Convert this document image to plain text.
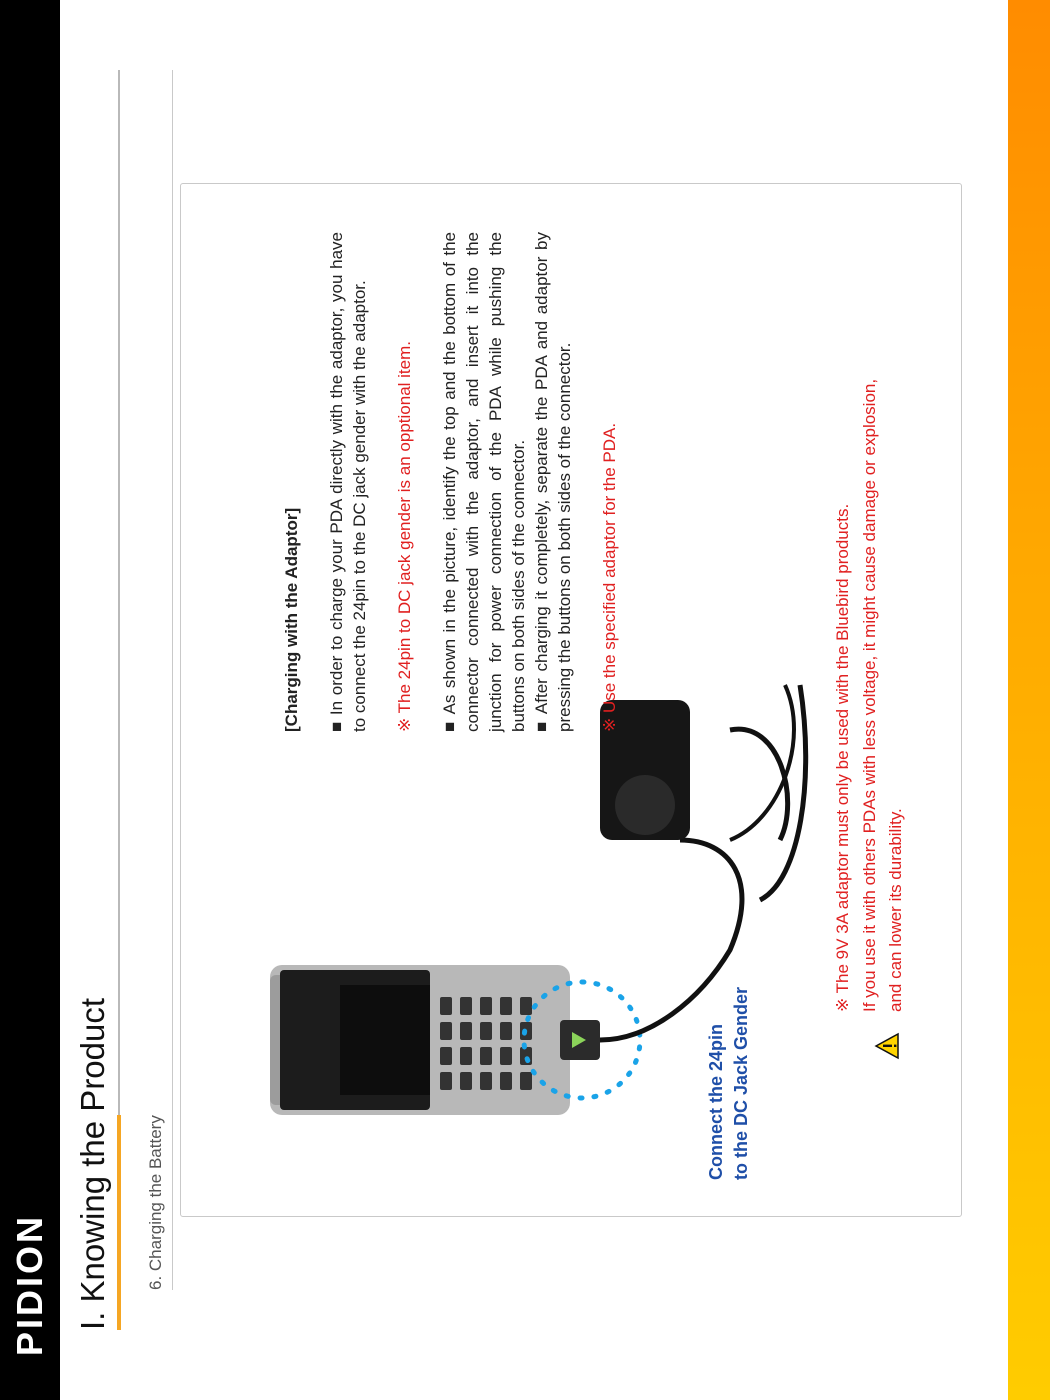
PIDION I. Knowing the Product 6. Charging the Battery
Connect the 24pin to the DC Jack Gender

[Charging with the Adaptor] ■ In order to charge your PDA directly with the adaptor, you have to connect the 24pin to the DC jack gender with the adaptor. ※ The 24pin to DC jack gender is an opptional item. ■ As shown in the picture, identify the top and the bottom of the connector connected with the adaptor, and insert it into the junction for power connection of the PDA while pushing the buttons on both sides of the connector. ■ After charging it completely, separate the PDA and adaptor by pressing the buttons on both sides of the connector. ※ Use the specified adaptor for the PDA.	※ The 9V 3A adaptor must only be used with the Bluebird products. If you use it with others PDAs with less voltage, it might cause damage or explosion, and can lower its durability.
